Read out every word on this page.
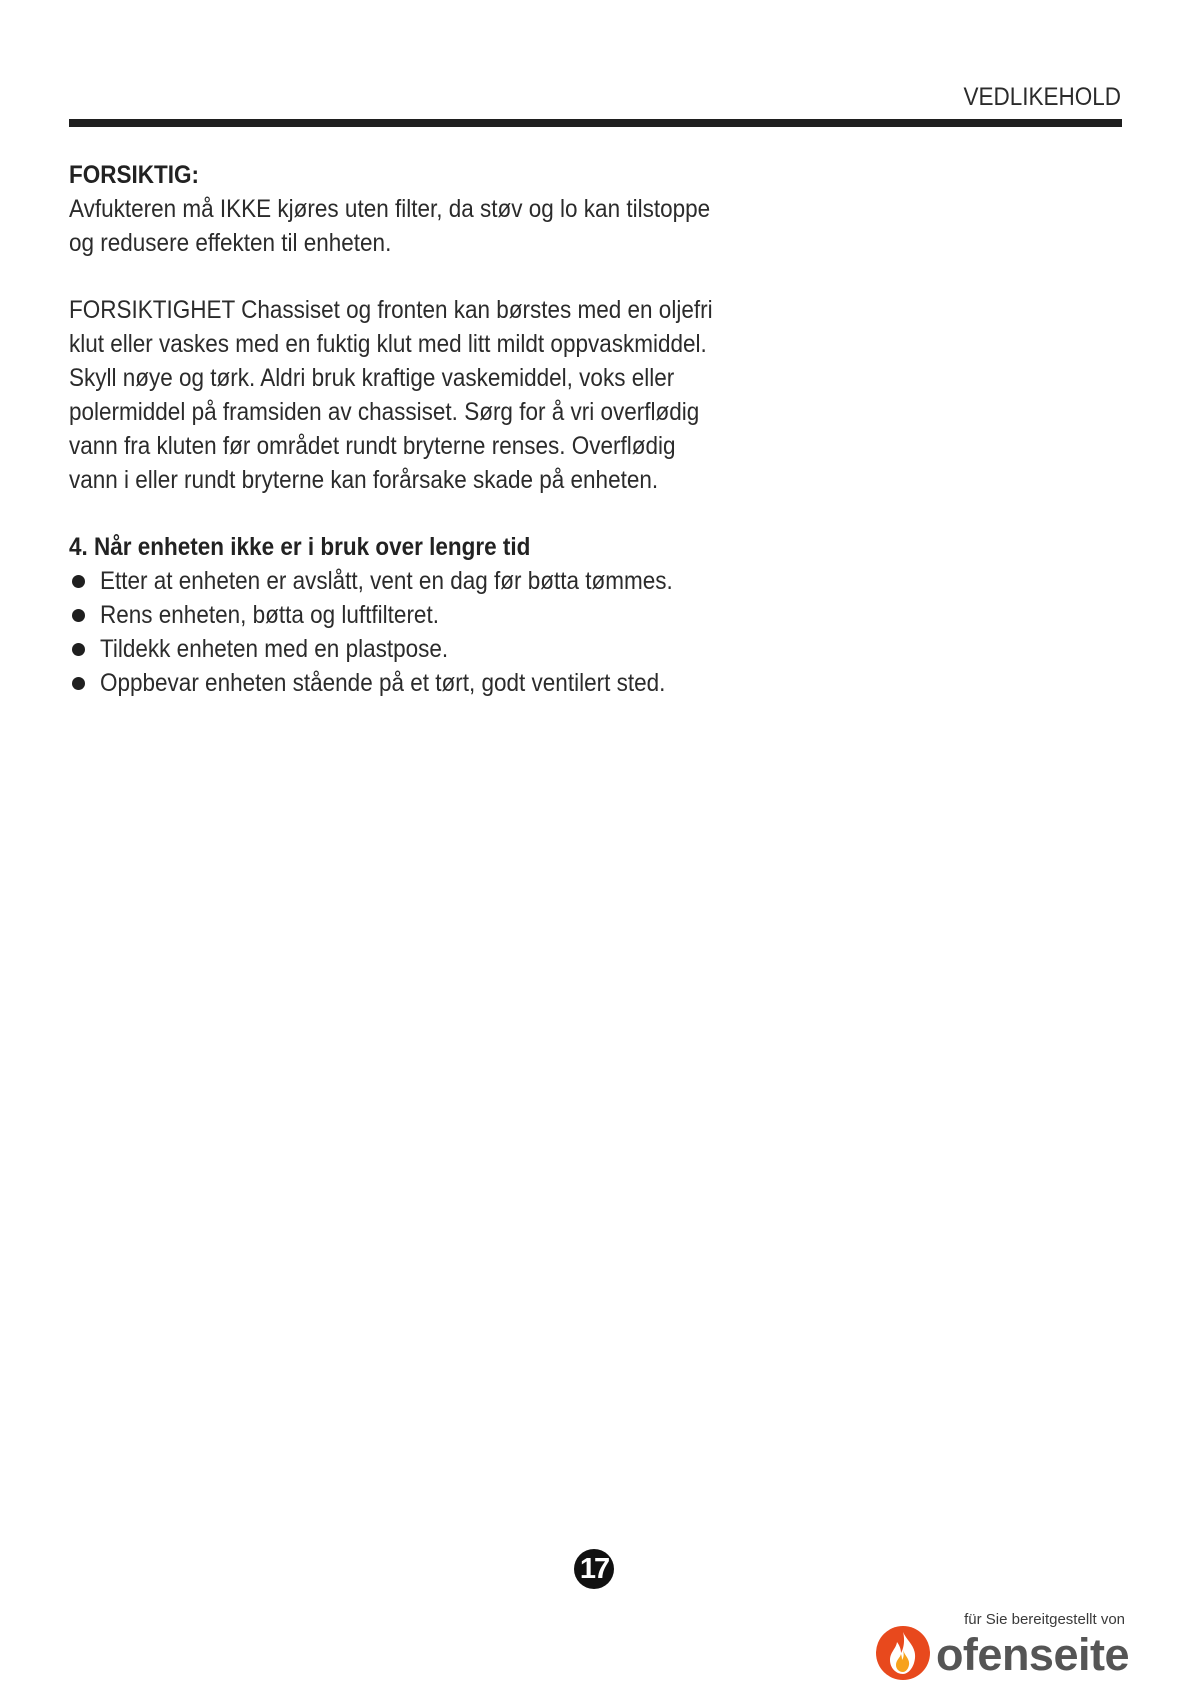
VEDLIKEHOLD

FORSIKTIG:

Avfukteren må IKKE kjøres uten filter, da støv og lo kan tilstoppe

og redusere effekten til enheten.

FORSIKTIGHET Chassiset og fronten kan børstes med en oljefri

klut eller vaskes med en fuktig klut med litt mildt oppvaskmiddel.

Skyll nøye og tørk. Aldri bruk kraftige vaskemiddel, voks eller

polermiddel på framsiden av chassiset. Sørg for å vri overflødig

vann fra kluten før området rundt bryterne renses. Overflødig

vann i eller rundt bryterne kan forårsake skade på enheten.

4. Når enheten ikke er i bruk over lengre tid

Etter at enheten er avslått, vent en dag før bøtta tømmes.
Rens enheten, bøtta og luftfilteret.
Tildekk enheten med en plastpose.
Oppbevar enheten stående på et tørt, godt ventilert sted.
17
für Sie bereitgestellt von
ofenseite
